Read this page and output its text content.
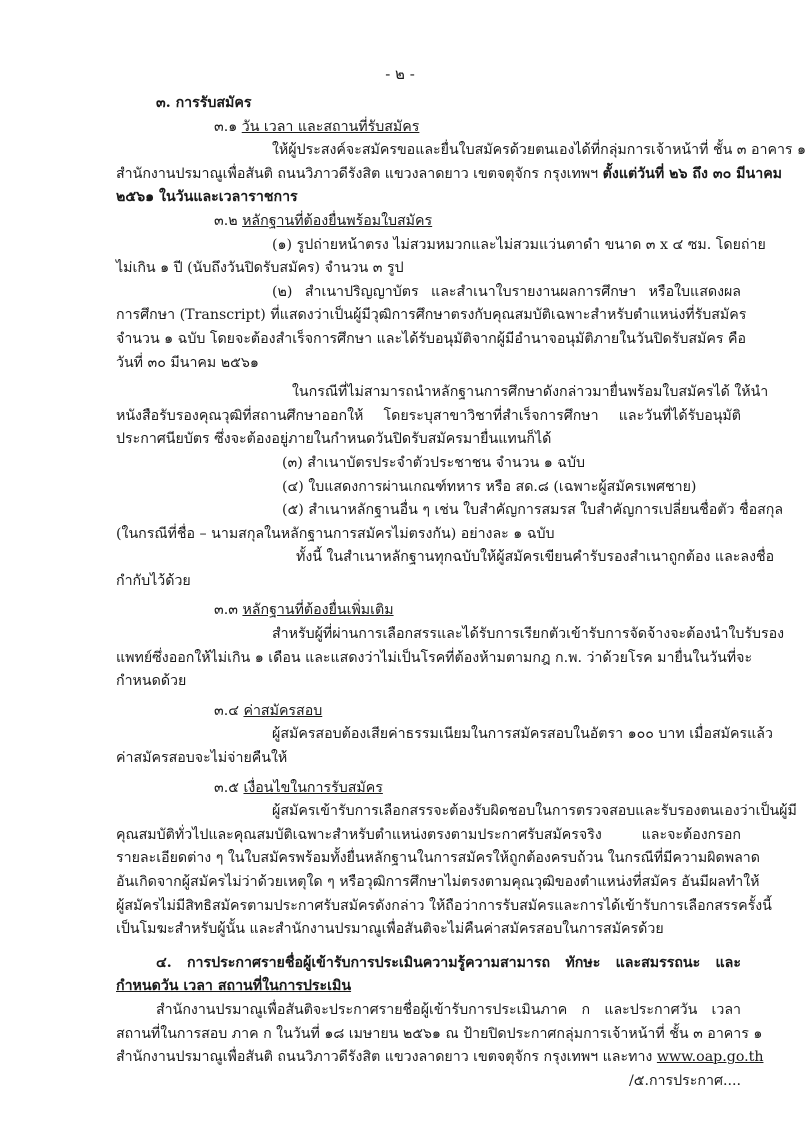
- ๒ -
๓. การรับสมัคร
๓.๑ วัน เวลา และสถานที่รับสมัคร
ให้ผู้ประสงค์จะสมัครขอและยื่นใบสมัครด้วยตนเองได้ที่กลุ่มการเจ้าหน้าที่ ชั้น ๓ อาคาร ๑
สำนักงานปรมาณูเพื่อสันติ ถนนวิภาวดีรังสิต แขวงลาดยาว เขตจตุจักร กรุงเทพฯ ตั้งแต่วันที่ ๒๖ ถึง ๓๐ มีนาคม
๒๕๖๑ ในวันและเวลาราชการ
๓.๒ หลักฐานที่ต้องยื่นพร้อมใบสมัคร
(๑) รูปถ่ายหน้าตรง ไม่สวมหมวกและไม่สวมแว่นตาดำ ขนาด ๓ x ๔ ซม. โดยถ่าย
ไม่เกิน ๑ ปี (นับถึงวันปิดรับสมัคร) จำนวน ๓ รูป
(๒) สำเนาปริญญาบัตร และสำเนาใบรายงานผลการศึกษา หรือใบแสดงผล
การศึกษา (Transcript) ที่แสดงว่าเป็นผู้มีวุฒิการศึกษาตรงกับคุณสมบัติเฉพาะสำหรับตำแหน่งที่รับสมัคร
จำนวน ๑ ฉบับ โดยจะต้องสำเร็จการศึกษา และได้รับอนุมัติจากผู้มีอำนาจอนุมัติภายในวันปิดรับสมัคร คือ
วันที่ ๓๐ มีนาคม ๒๕๖๑
ในกรณีที่ไม่สามารถนำหลักฐานการศึกษาดังกล่าวมายื่นพร้อมใบสมัครได้ ให้นำ
หนังสือรับรองคุณวุฒิที่สถานศึกษาออกให้ โดยระบุสาขาวิชาที่สำเร็จการศึกษา และวันที่ได้รับอนุมัติ
ประกาศนียบัตร ซึ่งจะต้องอยู่ภายในกำหนดวันปิดรับสมัครมายื่นแทนก็ได้
(๓) สำเนาบัตรประจำตัวประชาชน จำนวน ๑ ฉบับ
(๔) ใบแสดงการผ่านเกณฑ์ทหาร หรือ สด.๘ (เฉพาะผู้สมัครเพศชาย)
(๕) สำเนาหลักฐานอื่น ๆ เช่น ใบสำคัญการสมรส ใบสำคัญการเปลี่ยนชื่อตัว ชื่อสกุล
(ในกรณีที่ชื่อ – นามสกุลในหลักฐานการสมัครไม่ตรงกัน) อย่างละ ๑ ฉบับ
ทั้งนี้ ในสำเนาหลักฐานทุกฉบับให้ผู้สมัครเขียนคำรับรองสำเนาถูกต้อง และลงชื่อ
กำกับไว้ด้วย
๓.๓ หลักฐานที่ต้องยื่นเพิ่มเติม
สำหรับผู้ที่ผ่านการเลือกสรรและได้รับการเรียกตัวเข้ารับการจัดจ้างจะต้องนำใบรับรอง
แพทย์ซึ่งออกให้ไม่เกิน ๑ เดือน และแสดงว่าไม่เป็นโรคที่ต้องห้ามตามกฎ ก.พ. ว่าด้วยโรค มายื่นในวันที่จะ
กำหนดด้วย
๓.๔ ค่าสมัครสอบ
ผู้สมัครสอบต้องเสียค่าธรรมเนียมในการสมัครสอบในอัตรา ๑๐๐ บาท เมื่อสมัครแล้ว
ค่าสมัครสอบจะไม่จ่ายคืนให้
๓.๕ เงื่อนไขในการรับสมัคร
ผู้สมัครเข้ารับการเลือกสรรจะต้องรับผิดชอบในการตรวจสอบและรับรองตนเองว่าเป็นผู้มี
คุณสมบัติทั่วไปและคุณสมบัติเฉพาะสำหรับตำแหน่งตรงตามประกาศรับสมัครจริง และจะต้องกรอก
รายละเอียดต่าง ๆ ในใบสมัครพร้อมทั้งยื่นหลักฐานในการสมัครให้ถูกต้องครบถ้วน ในกรณีที่มีความผิดพลาด
อันเกิดจากผู้สมัครไม่ว่าด้วยเหตุใด ๆ หรือวุฒิการศึกษาไม่ตรงตามคุณวุฒิของตำแหน่งที่สมัคร อันมีผลทำให้
ผู้สมัครไม่มีสิทธิสมัครตามประกาศรับสมัครดังกล่าว ให้ถือว่าการรับสมัครและการได้เข้ารับการเลือกสรรครั้งนี้
เป็นโมฆะสำหรับผู้นั้น และสำนักงานปรมาณูเพื่อสันติจะไม่คืนค่าสมัครสอบในการสมัครด้วย
๔. การประกาศรายชื่อผู้เข้ารับการประเมินความรู้ความสามารถ ทักษะ และสมรรถนะ และ
กำหนดวัน เวลา สถานที่ในการประเมิน
สำนักงานปรมาณูเพื่อสันติจะประกาศรายชื่อผู้เข้ารับการประเมินภาค ก และประกาศวัน เวลา
สถานที่ในการสอบ ภาค ก ในวันที่ ๑๘ เมษายน ๒๕๖๑ ณ ป้ายปิดประกาศกลุ่มการเจ้าหน้าที่ ชั้น ๓ อาคาร ๑
สำนักงานปรมาณูเพื่อสันติ ถนนวิภาวดีรังสิต แขวงลาดยาว เขตจตุจักร กรุงเทพฯ และทาง www.oap.go.th
/๕.การประกาศ....
